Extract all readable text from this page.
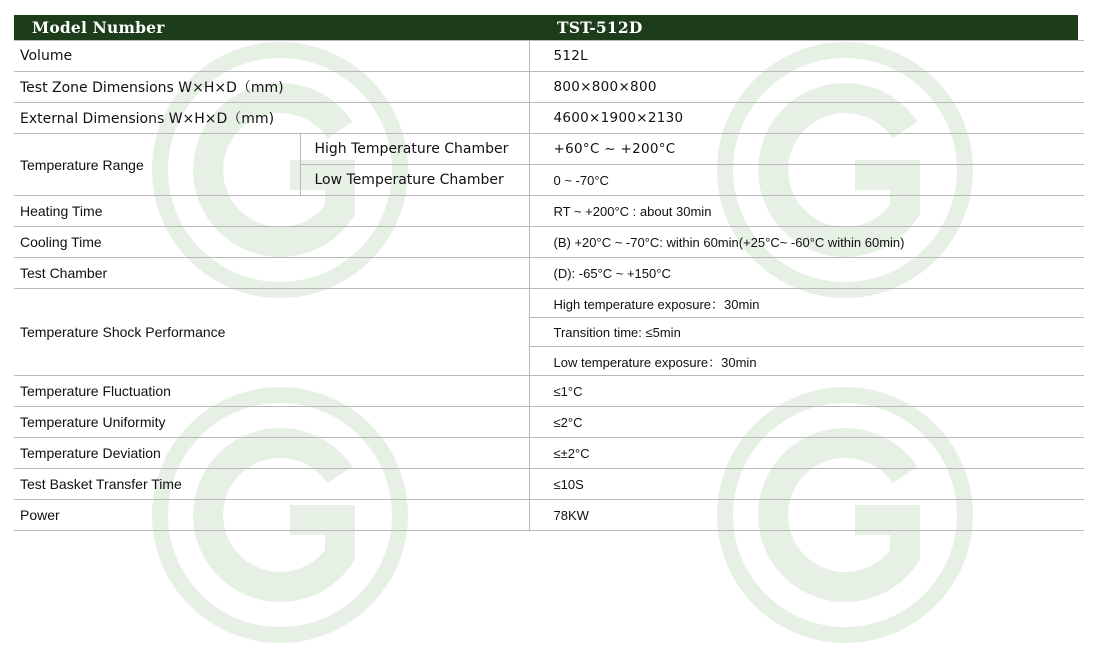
Model Number		TST-512D	
Volume		512L	
Test Zone Dimensions W×H×D（mm)		800×800×800	
External Dimensions W×H×D（mm)		4600×1900×2130	
Temperature Range	High Temperature Chamber	+60°C ~ +200°C	
	Low Temperature Chamber	0 ~ -70°C	
Heating Time		RT ~ +200°C : about 30min	
Cooling Time		(B) +20°C ~ -70°C: within 60min(+25°C~ -60°C within 60min)	
Test Chamber		(D): -65°C ~ +150°C	
Temperature Shock Performance		High temperature exposure：30min	
		Transition time: ≤5min	
		Low temperature exposure：30min	
Temperature Fluctuation		≤1°C	
Temperature Uniformity		≤2°C	
Temperature Deviation		≤±2°C	
Test Basket Transfer Time		≤10S	
Power		78KW	
